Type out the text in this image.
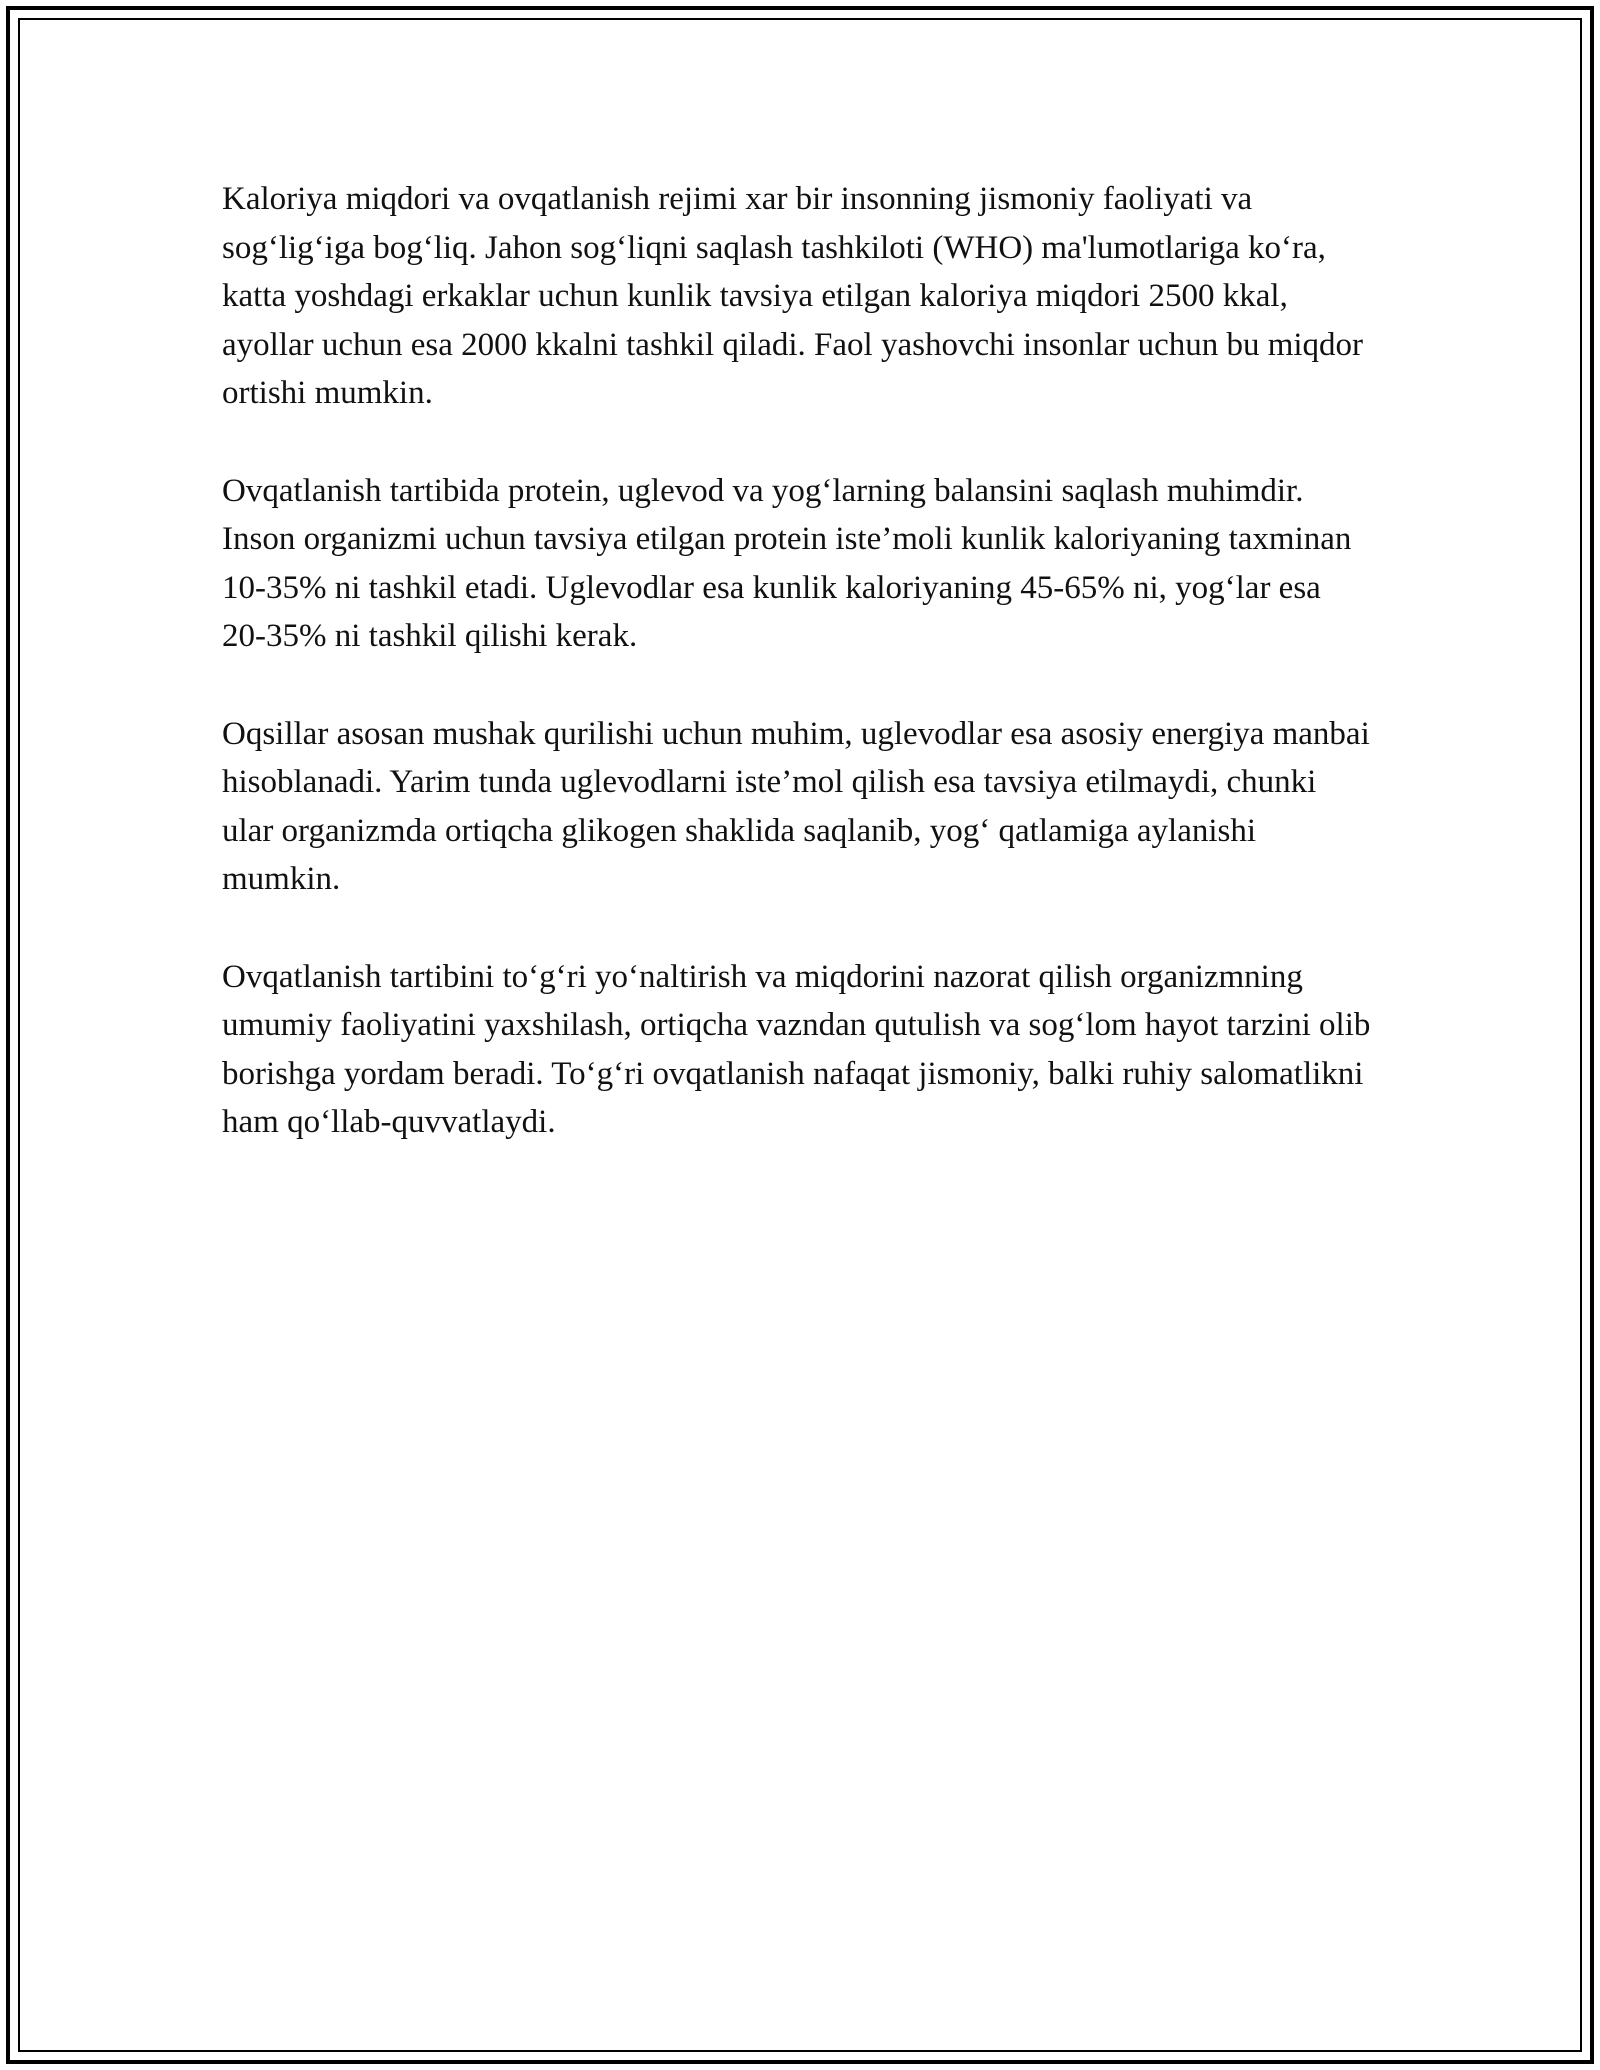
Kaloriya miqdori va ovqatlanish rejimi xar bir insonning jismoniy faoliyati va sog‘lig‘iga bog‘liq. Jahon sog‘liqni saqlash tashkiloti (WHO) ma'lumotlariga ko‘ra, katta yoshdagi erkaklar uchun kunlik tavsiya etilgan kaloriya miqdori 2500 kkal, ayollar uchun esa 2000 kkalni tashkil qiladi. Faol yashovchi insonlar uchun bu miqdor ortishi mumkin.

Ovqatlanish tartibida protein, uglevod va yog‘larning balansini saqlash muhimdir. Inson organizmi uchun tavsiya etilgan protein iste’moli kunlik kaloriyaning taxminan 10-35% ni tashkil etadi. Uglevodlar esa kunlik kaloriyaning 45-65% ni, yog‘lar esa 20-35% ni tashkil qilishi kerak.

Oqsillar asosan mushak qurilishi uchun muhim, uglevodlar esa asosiy energiya manbai hisoblanadi. Yarim tunda uglevodlarni iste’mol qilish esa tavsiya etilmaydi, chunki ular organizmda ortiqcha glikogen shaklida saqlanib, yog‘ qatlamiga aylanishi mumkin.

Ovqatlanish tartibini to‘g‘ri yo‘naltirish va miqdorini nazorat qilish organizmning umumiy faoliyatini yaxshilash, ortiqcha vazndan qutulish va sog‘lom hayot tarzini olib borishga yordam beradi. To‘g‘ri ovqatlanish nafaqat jismoniy, balki ruhiy salomatlikni ham qo‘llab-quvvatlaydi.
